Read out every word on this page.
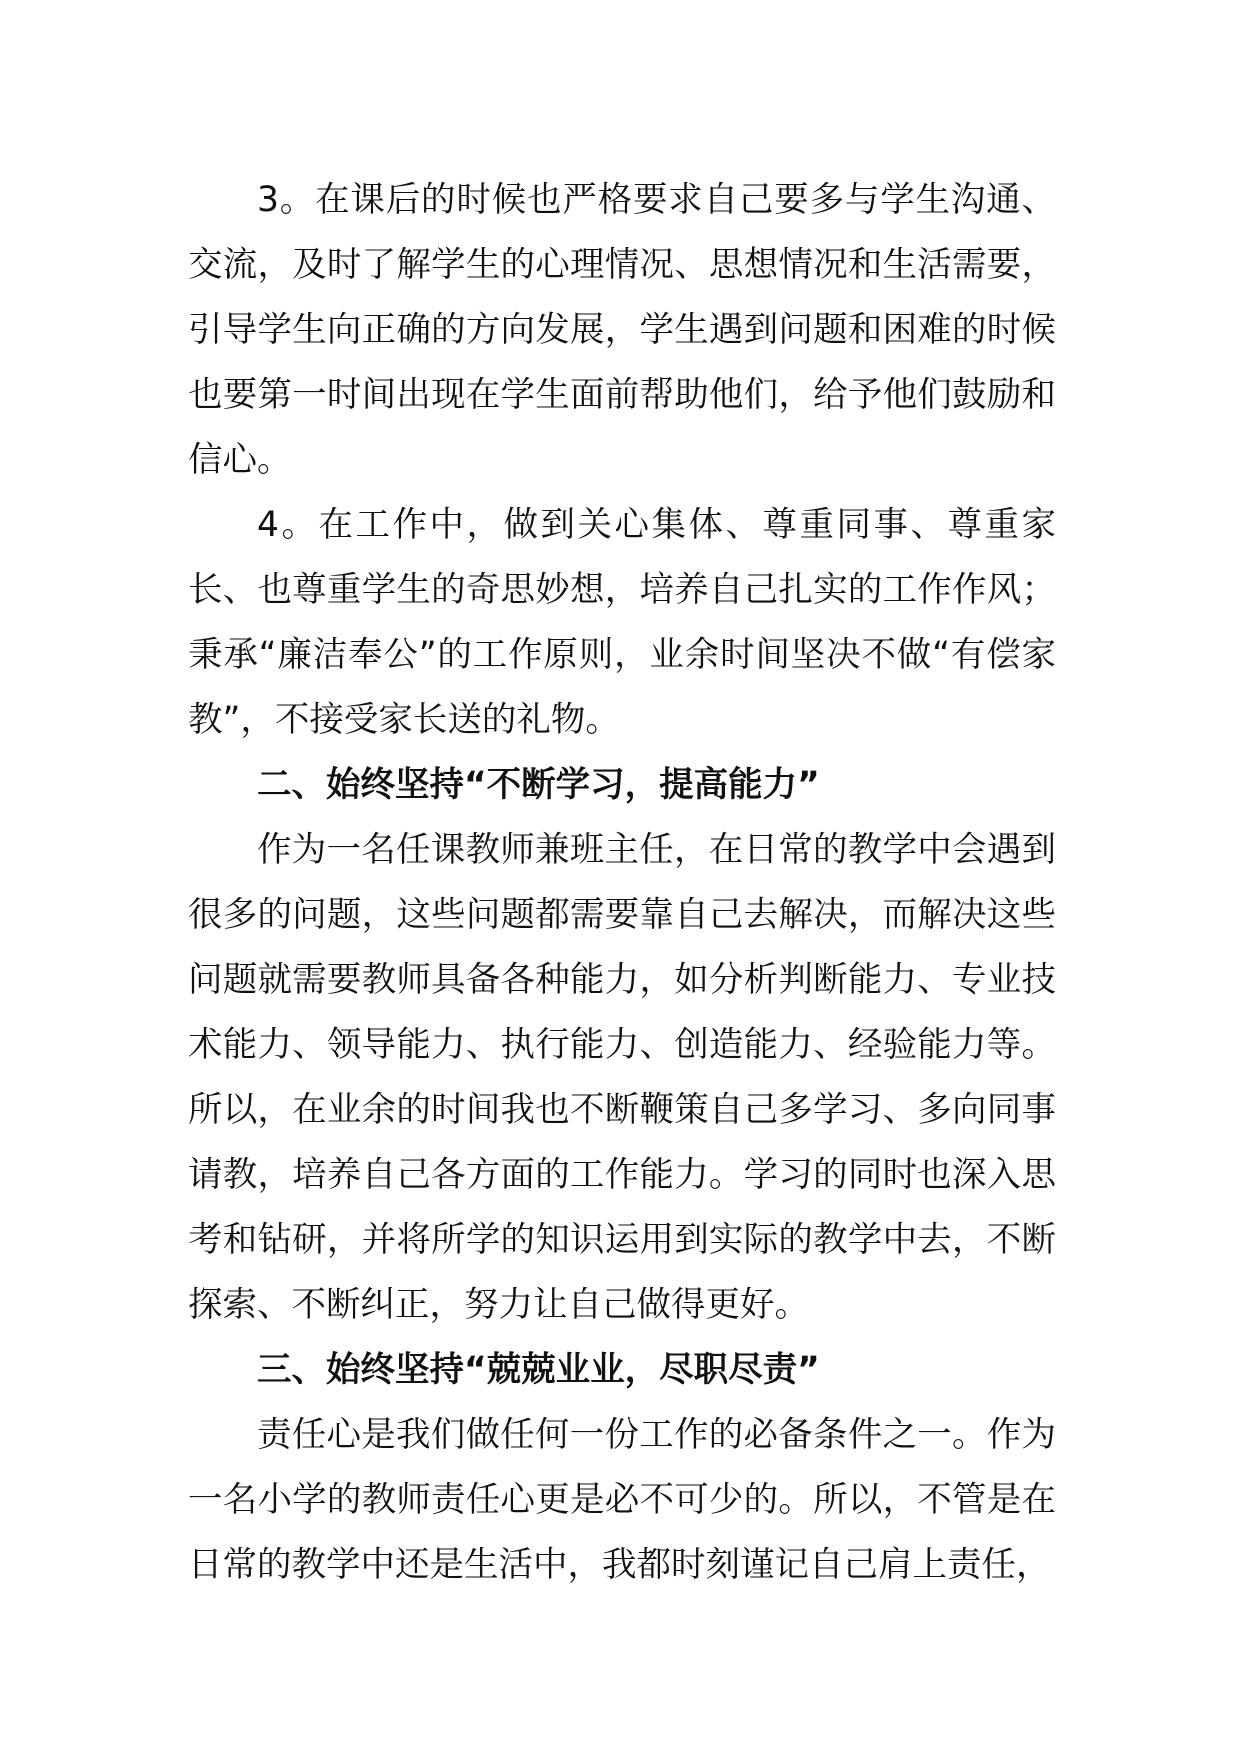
3。在课后的时候也严格要求自己要多与学生沟通、交流，及时了解学生的心理情况、思想情况和生活需要，引导学生向正确的方向发展，学生遇到问题和困难的时候也要第一时间出现在学生面前帮助他们，给予他们鼓励和信心。

4。在工作中，做到关心集体、尊重同事、尊重家长、也尊重学生的奇思妙想，培养自己扎实的工作作风；秉承“廉洁奉公”的工作原则，业余时间坚决不做“有偿家教”，不接受家长送的礼物。

二、始终坚持“不断学习，提高能力”

作为一名任课教师兼班主任，在日常的教学中会遇到很多的问题，这些问题都需要靠自己去解决，而解决这些问题就需要教师具备各种能力，如分析判断能力、专业技术能力、领导能力、执行能力、创造能力、经验能力等。所以，在业余的时间我也不断鞭策自己多学习、多向同事请教，培养自己各方面的工作能力。学习的同时也深入思考和钻研，并将所学的知识运用到实际的教学中去，不断探索、不断纠正，努力让自己做得更好。

三、始终坚持“兢兢业业，尽职尽责”

责任心是我们做任何一份工作的必备条件之一。作为一名小学的教师责任心更是必不可少的。所以，不管是在日常的教学中还是生活中，我都时刻谨记自己肩上责任，
